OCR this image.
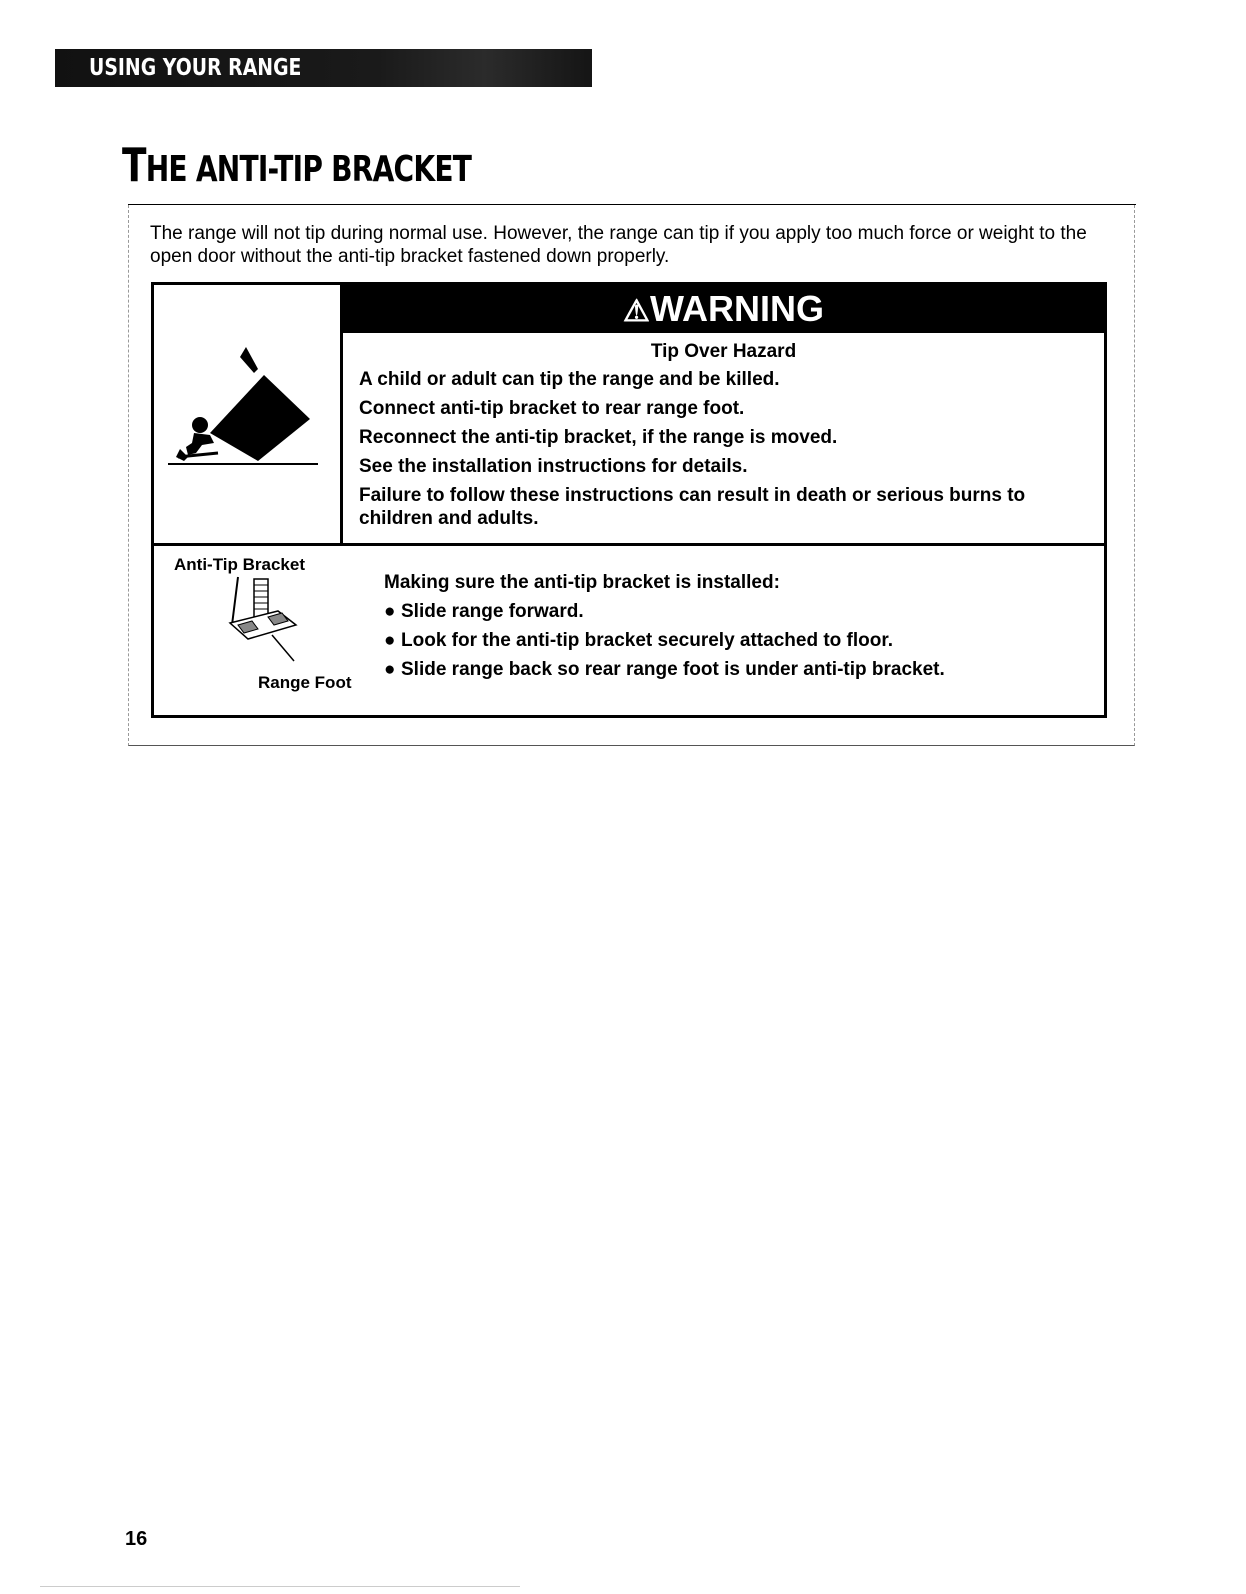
USING YOUR RANGE
THE ANTI-TIP BRACKET
The range will not tip during normal use. However, the range can tip if you apply too much force or weight to the open door without the anti-tip bracket fastened down properly.
⚠WARNING
Tip Over Hazard
A child or adult can tip the range and be killed.
Connect anti-tip bracket to rear range foot.
Reconnect the anti-tip bracket, if the range is moved.
See the installation instructions for details.
Failure to follow these instructions can result in death or serious burns to children and adults.
Anti-Tip Bracket
Range Foot
Making sure the anti-tip bracket is installed:
● Slide range forward.
● Look for the anti-tip bracket securely attached to floor.
● Slide range back so rear range foot is under anti-tip bracket.
16
